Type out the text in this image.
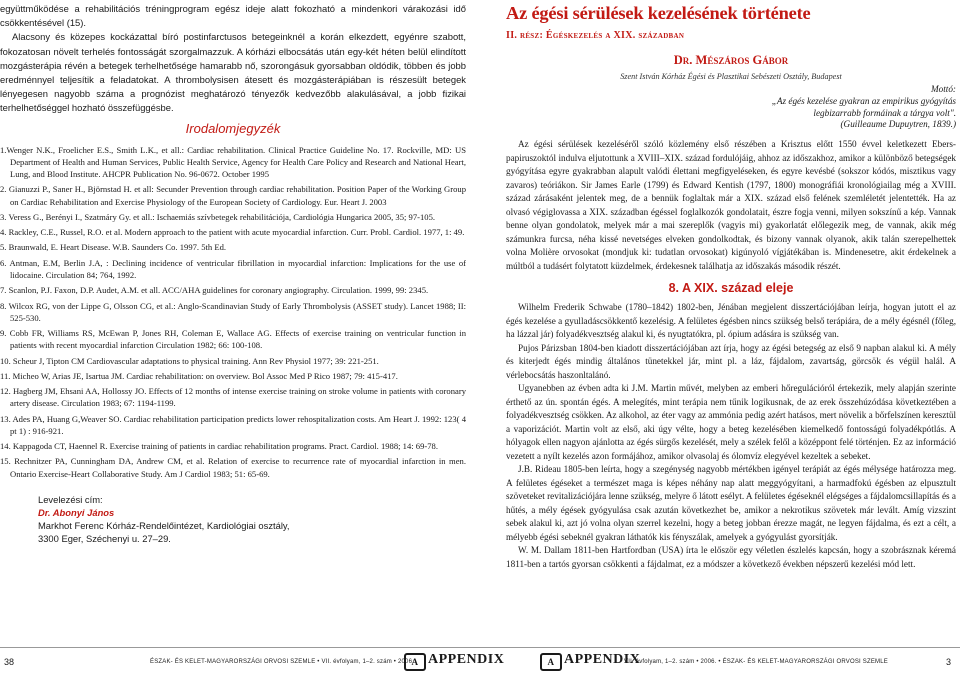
együttműködése a rehabilitációs tréningprogram egész ideje alatt fokozható a mindenkori várakozási idő csökkentésével (15).

Alacsony és közepes kockázattal bíró postinfarctusos betegeinknél a korán elkezdett, egyénre szabott, fokozatosan növelt terhelés fontosságát szorgalmazzuk. A kórházi elbocsátás után egy-két héten belül elindított mozgásterápia révén a betegek terhelhetősége hamarabb nő, szorongásuk gyorsabban oldódik, többen és jobb eredménnyel teljesítik a feladatokat. A thrombolysisen átesett és mozgásterápiában is részesült betegek lényegesen nagyobb száma a prognózist meghatározó tényezők kedvezőbb alakulásával, a jobb fizikai terhelhetőséggel hozható összefüggésbe.

Irodalomjegyzék

1.Wenger N.K., Froelicher E.S., Smith L.K., et all.: Cardiac rehabilitation. Clinical Practice Guideline No. 17. Rockville, MD: US Department of Health and Human Services, Public Health Service, Agency for Health Care Policy and Research and National Heart, Lung, and Blood Institute. AHCPR Publication No. 96-0672. October 1995

2. Gianuzzi P., Saner H., Björnstad H. et all: Secunder Prevention through cardiac rehabilitation. Position Paper of the Working Group on Cardiac Rehabilitation and Exercise Physiology of the European Society of Cardiology. Eur. Heart J. 2003

3. Veress G., Berényi I., Szatmáry Gy. et all.: Ischaemiás szívbetegek rehabilitációja, Cardiológia Hungarica 2005, 35; 97-105.

4. Rackley, C.E., Russel, R.O. et al. Modern approach to the patient with acute myocardial infarction. Curr. Probl. Cardiol. 1977, 1: 49.

5. Braunwald, E. Heart Disease. W.B. Saunders Co. 1997. 5th Ed.

6. Antman, E.M, Berlin J.A, : Declining incidence of ventricular fibrillation in myocardial infarction: Implications for the use of lidocaine. Circulation 84; 764, 1992.

7. Scanlon, P.J. Faxon, D.P. Audet, A.M. et all. ACC/AHA guidelines for coronary angiography. Circulation. 1999, 99: 2345.

8. Wilcox RG, von der Lippe G, Olsson CG, et al.: Anglo-Scandinavian Study of Early Thrombolysis (ASSET study). Lancet 1988; II: 525-530.

9. Cobb FR, Williams RS, McEwan P, Jones RH, Coleman E, Wallace AG. Effects of exercise training on ventricular function in patients with recent myocardial infarction Circulation 1982; 66: 100-108.

10. Scheur J, Tipton CM Cardiovascular adaptations to physical training. Ann Rev Physiol 1977; 39: 221-251.

11. Micheo W, Arias JE, Isartua JM. Cardiac rehabilitation: on overview. Bol Assoc Med P Rico 1987; 79: 415-417.

12. Hagberg JM, Ehsani AA, Hollossy JO. Effects of 12 months of intense exercise training on stroke volume in patients with coronary artery disease. Circulation 1983; 67: 1194-1199.

13. Ades PA, Huang G,Weaver SO. Cardiac rehabilitation participation predicts lower rehospitalization costs. Am Heart J. 1992: 123( 4 pt 1) : 916-921.

14. Kappagoda CT, Haennel R. Exercise training of patients in cardiac rehabilitation programs. Pract. Cardiol. 1988; 14: 69-78.

15. Rechnitzer PA, Cunningham DA, Andrew CM, et al. Relation of exercise to recurrence rate of myocardial infarction in men. Ontario Exercise-Heart Collaborative Study. Am J Cardiol 1983; 51: 65-69.

Levelezési cím:
Dr. Abonyi János
Markhot Ferenc Kórház-Rendelőintézet, Kardiológiai osztály,
3300 Eger, Széchenyi u. 27–29.
Az égési sérülések kezelésének története
II. rész: Égéskezelés a XIX. században
Dr. Mészáros Gábor
Szent István Kórház Égési és Plasztikai Sebészeti Osztály, Budapest
Mottó:
„Az égés kezelése gyakran az empirikus gyógyítás
legbizarrabb formáinak a tárgya volt".
(Guilleaume Dupuytren, 1839.)

Az égési sérülések kezeléséről szóló közlemény első részében a Krisztus előtt 1550 évvel keletkezett Ebers-papiruszoktól indulva eljutottunk a XVIII–XIX. század fordulójáig, ahhoz az időszakhoz, amikor a különböző betegségek gyógyítása egyre gyakrabban alapult valódi élettani megfigyeléseken, és egyre kevésbé (sokszor kódós, misztikus vagy zavaros) teóriákon. Sir James Earle (1799) és Edward Kentish (1797, 1800) monográfiái kronológiailag még a XVIII. század zárásaként jelentek meg, de a bennük foglaltak már a XIX. század első felének szemléletét jelentették. Ha az olvasó végiglovassa a XIX. században égéssel foglalkozók gondolatait, észre fogja venni, milyen sokszínű a kép. Vannak benne olyan gondolatok, melyek már a mai szereplők (vagyis mi) gyakorlatát előlegezik meg, de vannak, akik még számunkra furcsa, néha kissé nevetséges elveken gondolkodtak, és bizony vannak olyanok, akik talán szerepelhettek volna Molière orvosokat (mondjuk ki: tudatlan orvosokat) kigúnyoló vígjátékában is. Mindenesetre, akit érdekelnek a múltból a tudásért folytatott küzdelmek, érdekesnek találhatja az időszakás második részét.

8. A XIX. század eleje

Wilhelm Frederik Schwabe (1780–1842) 1802-ben, Jénában megjelent disszertációjában leírja, hogyan jutott el az égés kezelése a gyulladáscsökkentő kezelésig. A felületes égésben nincs szükség belső terápiára, de a mély égésnél (főleg, ha lázzal jár) folyadékvesztség alakul ki, és nyugtatókra, pl. ópium adására is szükség van.

Pujos Párizsban 1804-ben kiadott disszertációjában azt írja, hogy az égési betegség az első 9 napban alakul ki. A mély és kiterjedt égés mindig általános tünetekkel jár, mint pl. a láz, fájdalom, zavartság, görcsök és végül halál. A vérlebocsátás haszonltalánó.

Ugyanebben az évben adta ki J.M. Martin művét, melyben az emberi hőregulációról értekezik, mely alapján szerinte érthető az ún. spontán égés. A melegítés, mint terápia nem tűnik logikusnak, de az erek összehúzódása következtében a folyadékvesztség csökken. Az alkohol, az éter vagy az ammónia pedig azért hatásos, mert növelik a bőrfelszínen keresztül a vaporizációt. Martin volt az első, aki úgy vélte, hogy a beteg kezelésében kiemelkedő fontosságú folyadékpótlás. A hólyagok ellen nagyon ajánlotta az égés sürgős kezelését, mely a szélek felől a középpont felé történjen. Ez az információ vezetett a nyílt kezelés azon formájához, amikor olvasolaj és ólomvíz elegyével kezeltek a sebeket.

J.B. Rideau 1805-ben leírta, hogy a szegénység nagyobb mértékben igényel terápiát az égés mélysége határozza meg. A felületes égéseket a természet maga is képes néhány nap alatt meggyógyítani, a harmadfokú égésben az elpusztult szöveteket revitalizációjára lenne szükség, melyre ő látott esélyt. A felületes égéseknél elégséges a fájdalomcsillapítás és a hűtés, a mély égések gyógyulása csak azután következhet be, amikor a nekrotikus szövetek már levált. Amíg vizszint sebek alakul ki, azt jó volna olyan szerrel kezelni, hogy a beteg jobban érezze magát, ne legyen fájdalma, és ezt a célt, a mélyebb égési sebeknél gyakran láthatók kis fényszálak, amelyek a gyógyulást gyorsítják.

W. M. Dallam 1811-ben Hartfordban (USA) írta le először egy véletlen észlelés kapcsán, hogy a szobrásznak kéremá 1811-ben a tartós gyorsan csökkenti a fájdalmat, ez a módszer a következő években népszerű kezelési mód lett.

38	ÉSZAK- ÉS KELET-MAGYARORSZÁGI ORVOSI SZEMLE • VII. évfolyam, 1–2. szám • 2006.
A APPENDIX	A APPENDIX
VII. évfolyam, 1–2. szám • 2006. • ÉSZAK- ÉS KELET-MAGYARORSZÁGI ORVOSI SZEMLE	3
